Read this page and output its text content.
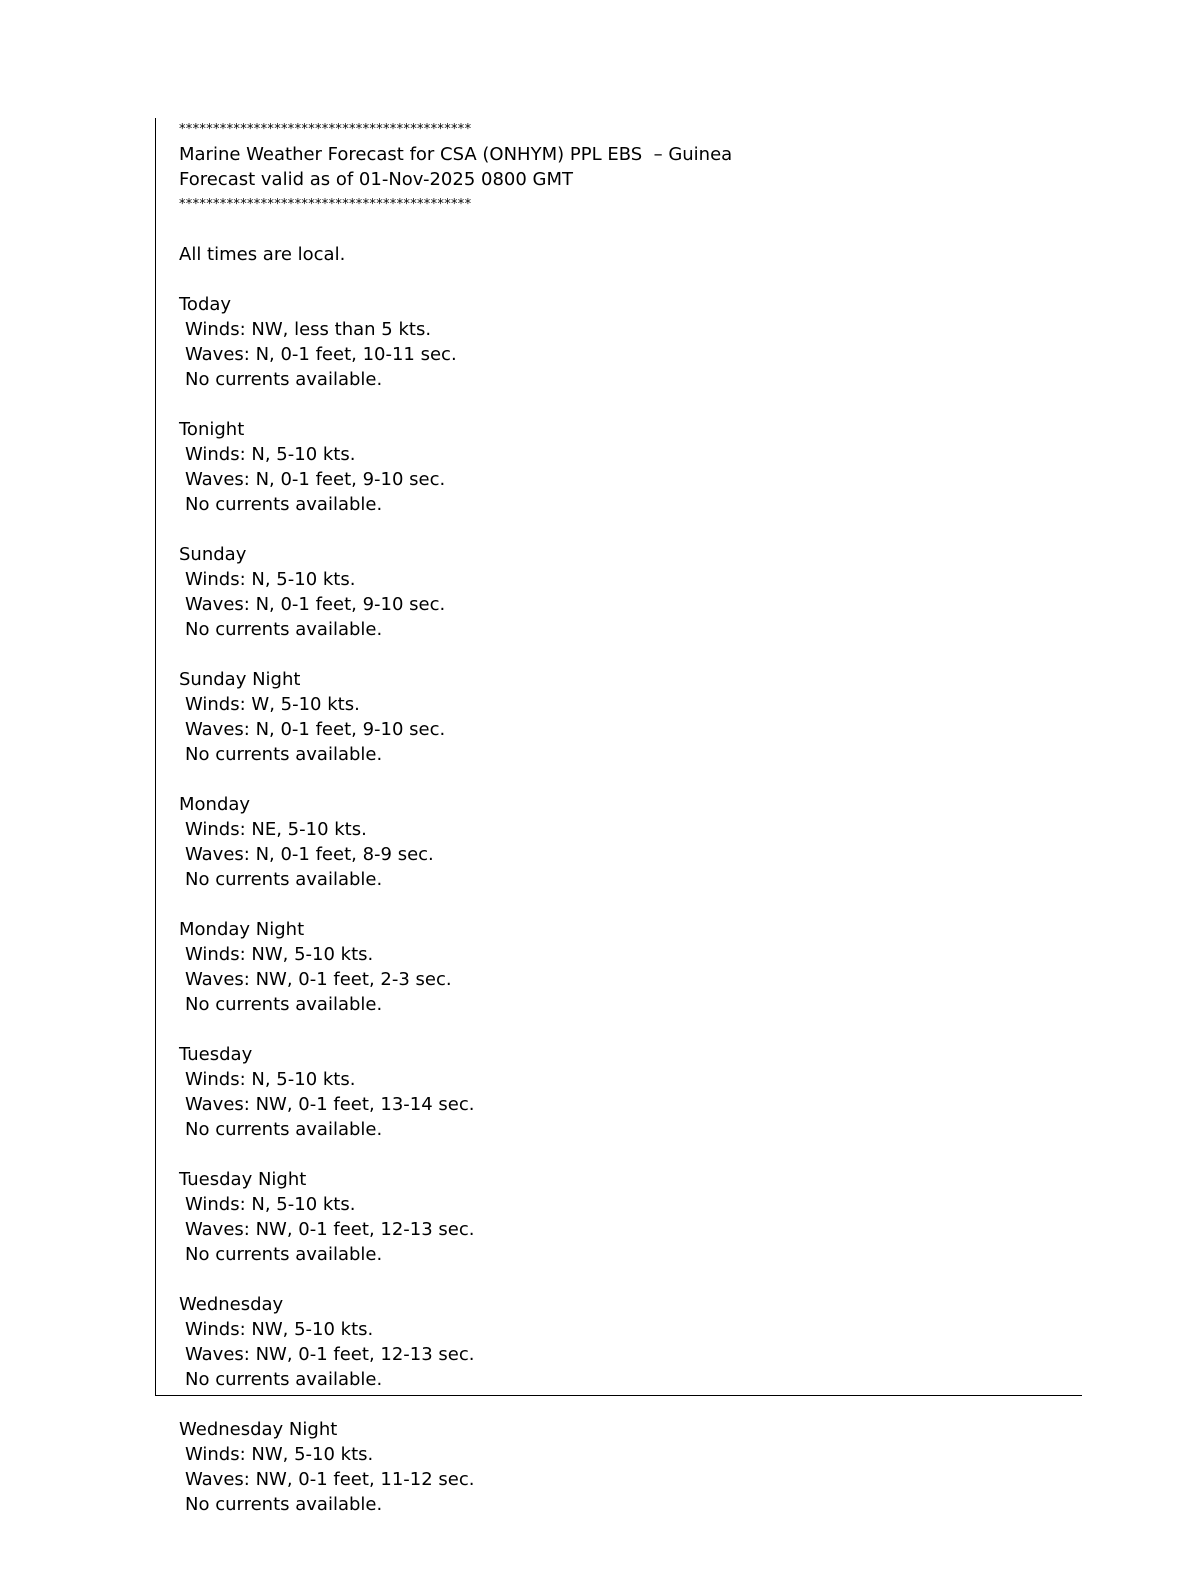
*******************************************
Marine Weather Forecast for CSA (ONHYM) PPL EBS  – Guinea
Forecast valid as of 01-Nov-2025 0800 GMT
*******************************************
All times are local.
Today
Winds: NW, less than 5 kts.
Waves: N, 0-1 feet, 10-11 sec.
No currents available.
Tonight
Winds: N, 5-10 kts.
Waves: N, 0-1 feet, 9-10 sec.
No currents available.
Sunday
Winds: N, 5-10 kts.
Waves: N, 0-1 feet, 9-10 sec.
No currents available.
Sunday Night
Winds: W, 5-10 kts.
Waves: N, 0-1 feet, 9-10 sec.
No currents available.
Monday
Winds: NE, 5-10 kts.
Waves: N, 0-1 feet, 8-9 sec.
No currents available.
Monday Night
Winds: NW, 5-10 kts.
Waves: NW, 0-1 feet, 2-3 sec.
No currents available.
Tuesday
Winds: N, 5-10 kts.
Waves: NW, 0-1 feet, 13-14 sec.
No currents available.
Tuesday Night
Winds: N, 5-10 kts.
Waves: NW, 0-1 feet, 12-13 sec.
No currents available.
Wednesday
Winds: NW, 5-10 kts.
Waves: NW, 0-1 feet, 12-13 sec.
No currents available.
Wednesday Night
Winds: NW, 5-10 kts.
Waves: NW, 0-1 feet, 11-12 sec.
No currents available.
